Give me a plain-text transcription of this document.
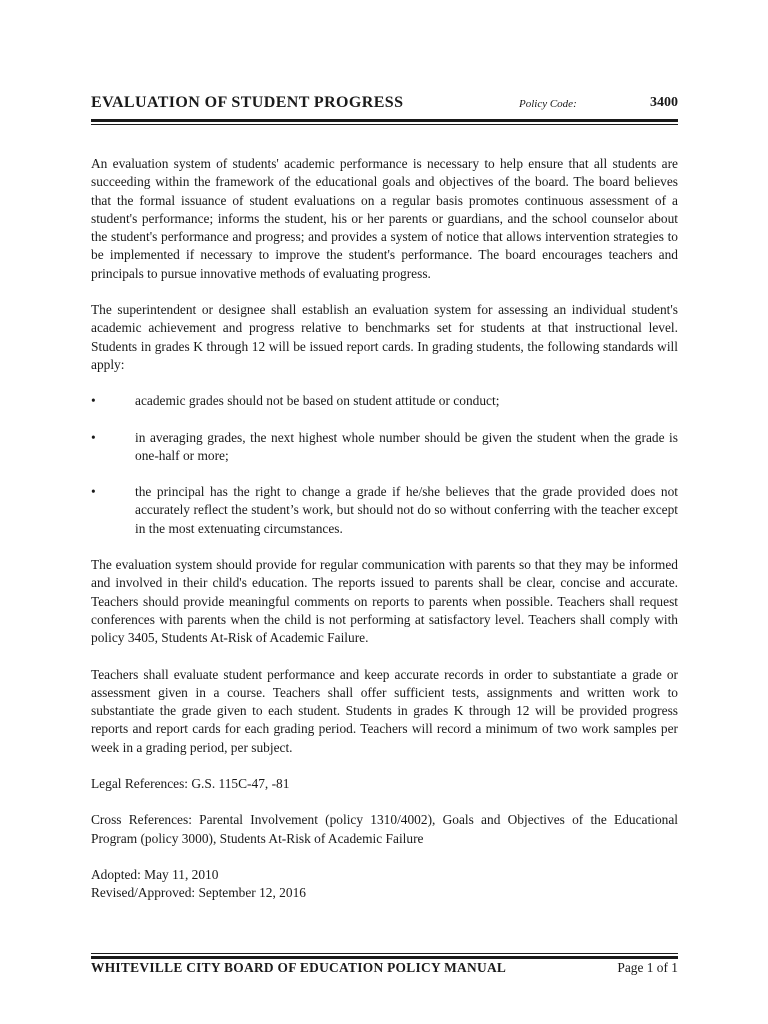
EVALUATION OF STUDENT PROGRESS	Policy Code:	3400

An evaluation system of students' academic performance is necessary to help ensure that all students are succeeding within the framework of the educational goals and objectives of the board. The board believes that the formal issuance of student evaluations on a regular basis promotes continuous assessment of a student's performance; informs the student, his or her parents or guardians, and the school counselor about the student's performance and progress; and provides a system of notice that allows intervention strategies to be implemented if necessary to improve the student's performance. The board encourages teachers and principals to pursue innovative methods of evaluating progress.

The superintendent or designee shall establish an evaluation system for assessing an individual student's academic achievement and progress relative to benchmarks set for students at that instructional level. Students in grades K through 12 will be issued report cards. In grading students, the following standards will apply:

•	academic grades should not be based on student attitude or conduct;
•	in averaging grades, the next highest whole number should be given the student when the grade is one-half or more;
•	the principal has the right to change a grade if he/she believes that the grade provided does not accurately reflect the student’s work, but should not do so without conferring with the teacher except in the most extenuating circumstances.

The evaluation system should provide for regular communication with parents so that they may be informed and involved in their child's education. The reports issued to parents shall be clear, concise and accurate. Teachers should provide meaningful comments on reports to parents when possible. Teachers shall request conferences with parents when the child is not performing at satisfactory level. Teachers shall comply with policy 3405, Students At-Risk of Academic Failure.

Teachers shall evaluate student performance and keep accurate records in order to substantiate a grade or assessment given in a course. Teachers shall offer sufficient tests, assignments and written work to substantiate the grade given to each student. Students in grades K through 12 will be provided progress reports and report cards for each grading period. Teachers will record a minimum of two work samples per week in a grading period, per subject.

Legal References: G.S. 115C-47, -81

Cross References: Parental Involvement (policy 1310/4002), Goals and Objectives of the Educational Program (policy 3000), Students At-Risk of Academic Failure

Adopted: May 11, 2010
Revised/Approved: September 12, 2016
WHITEVILLE CITY BOARD OF EDUCATION POLICY MANUAL	Page 1 of 1
